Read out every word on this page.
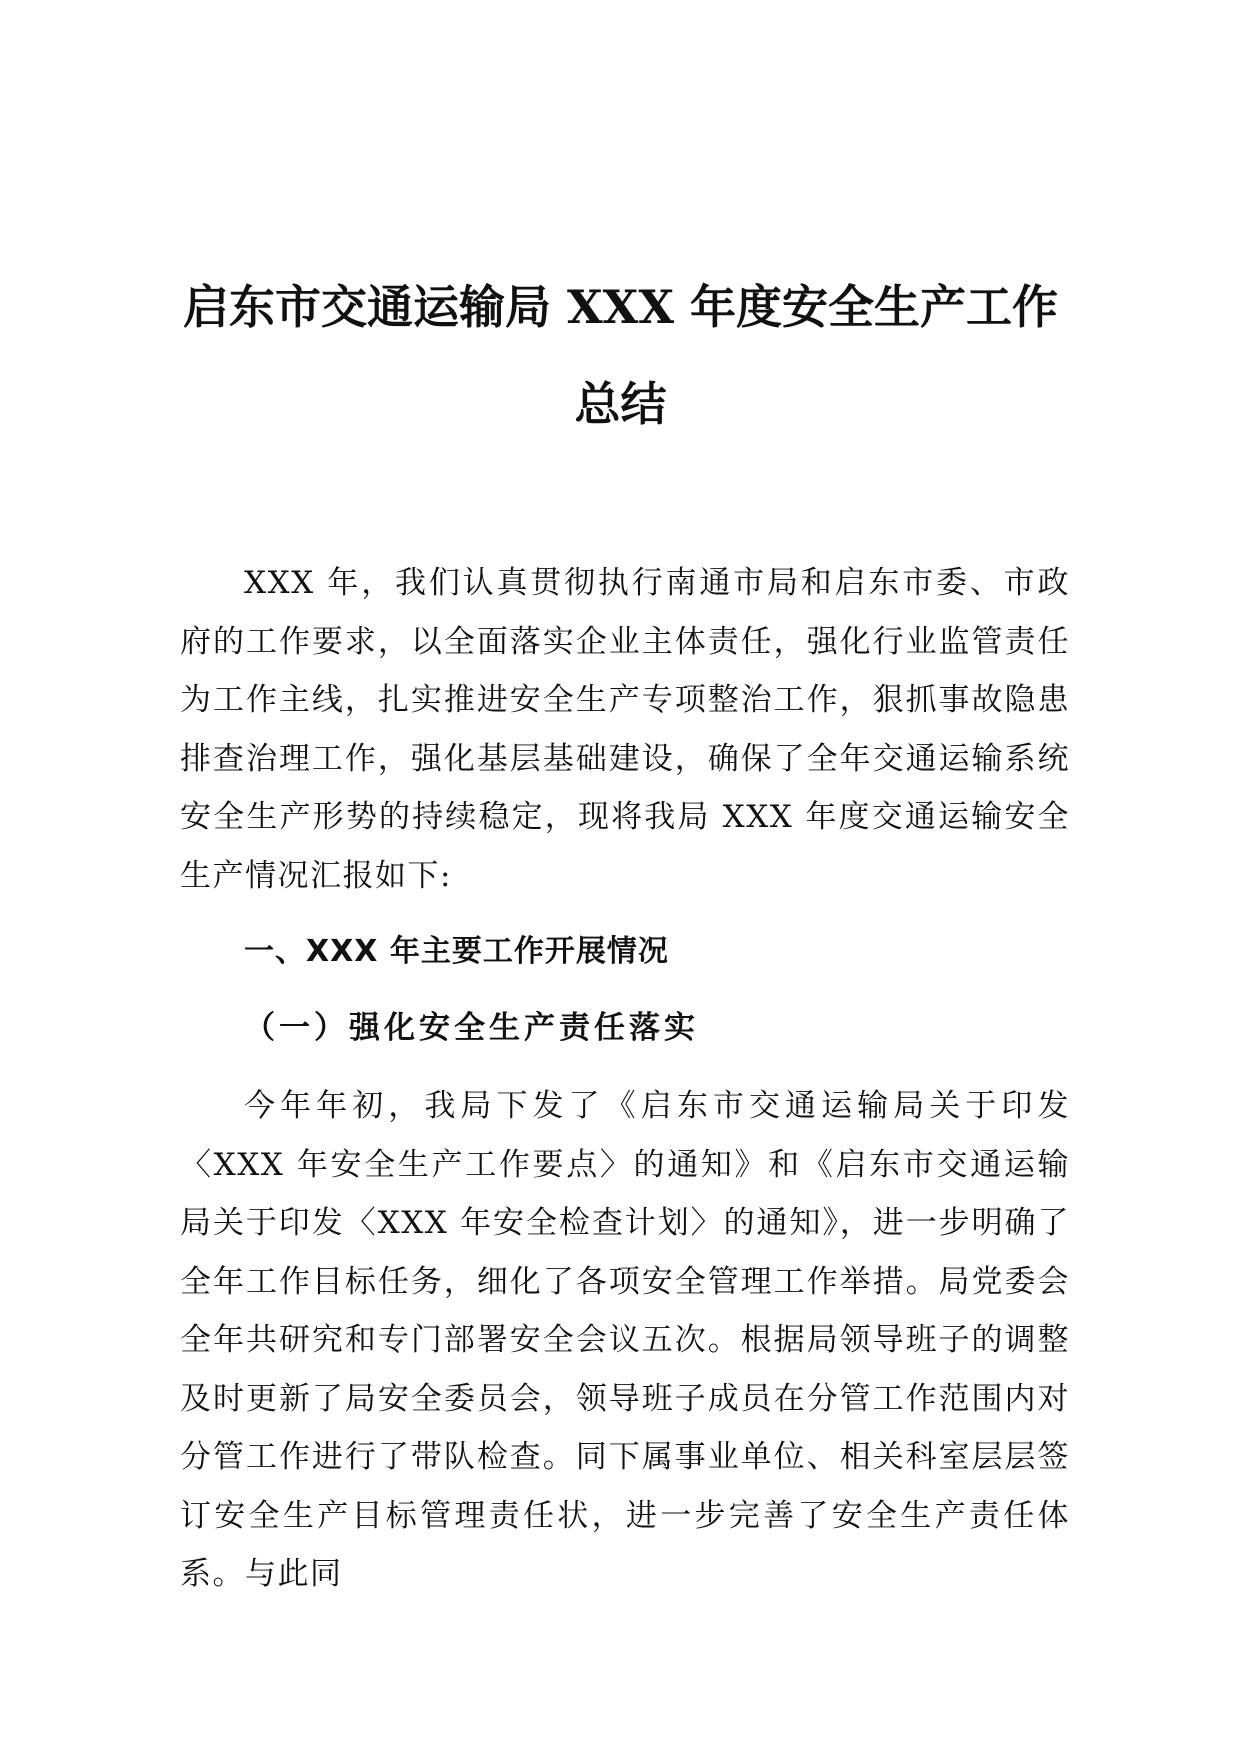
启东市交通运输局 XXX 年度安全生产工作
总结

XXX 年，我们认真贯彻执行南通市局和启东市委、市政府的工作要求，以全面落实企业主体责任，强化行业监管责任为工作主线，扎实推进安全生产专项整治工作，狠抓事故隐患排查治理工作，强化基层基础建设，确保了全年交通运输系统安全生产形势的持续稳定，现将我局 XXX 年度交通运输安全生产情况汇报如下:

一、XXX 年主要工作开展情况
（一）强化安全生产责任落实

今年年初，我局下发了《启东市交通运输局关于印发〈XXX 年安全生产工作要点〉的通知》和《启东市交通运输局关于印发〈XXX 年安全检查计划〉的通知》，进一步明确了全年工作目标任务，细化了各项安全管理工作举措。局党委会全年共研究和专门部署安全会议五次。根据局领导班子的调整及时更新了局安全委员会，领导班子成员在分管工作范围内对分管工作进行了带队检查。同下属事业单位、相关科室层层签订安全生产目标管理责任状，进一步完善了安全生产责任体系。与此同
